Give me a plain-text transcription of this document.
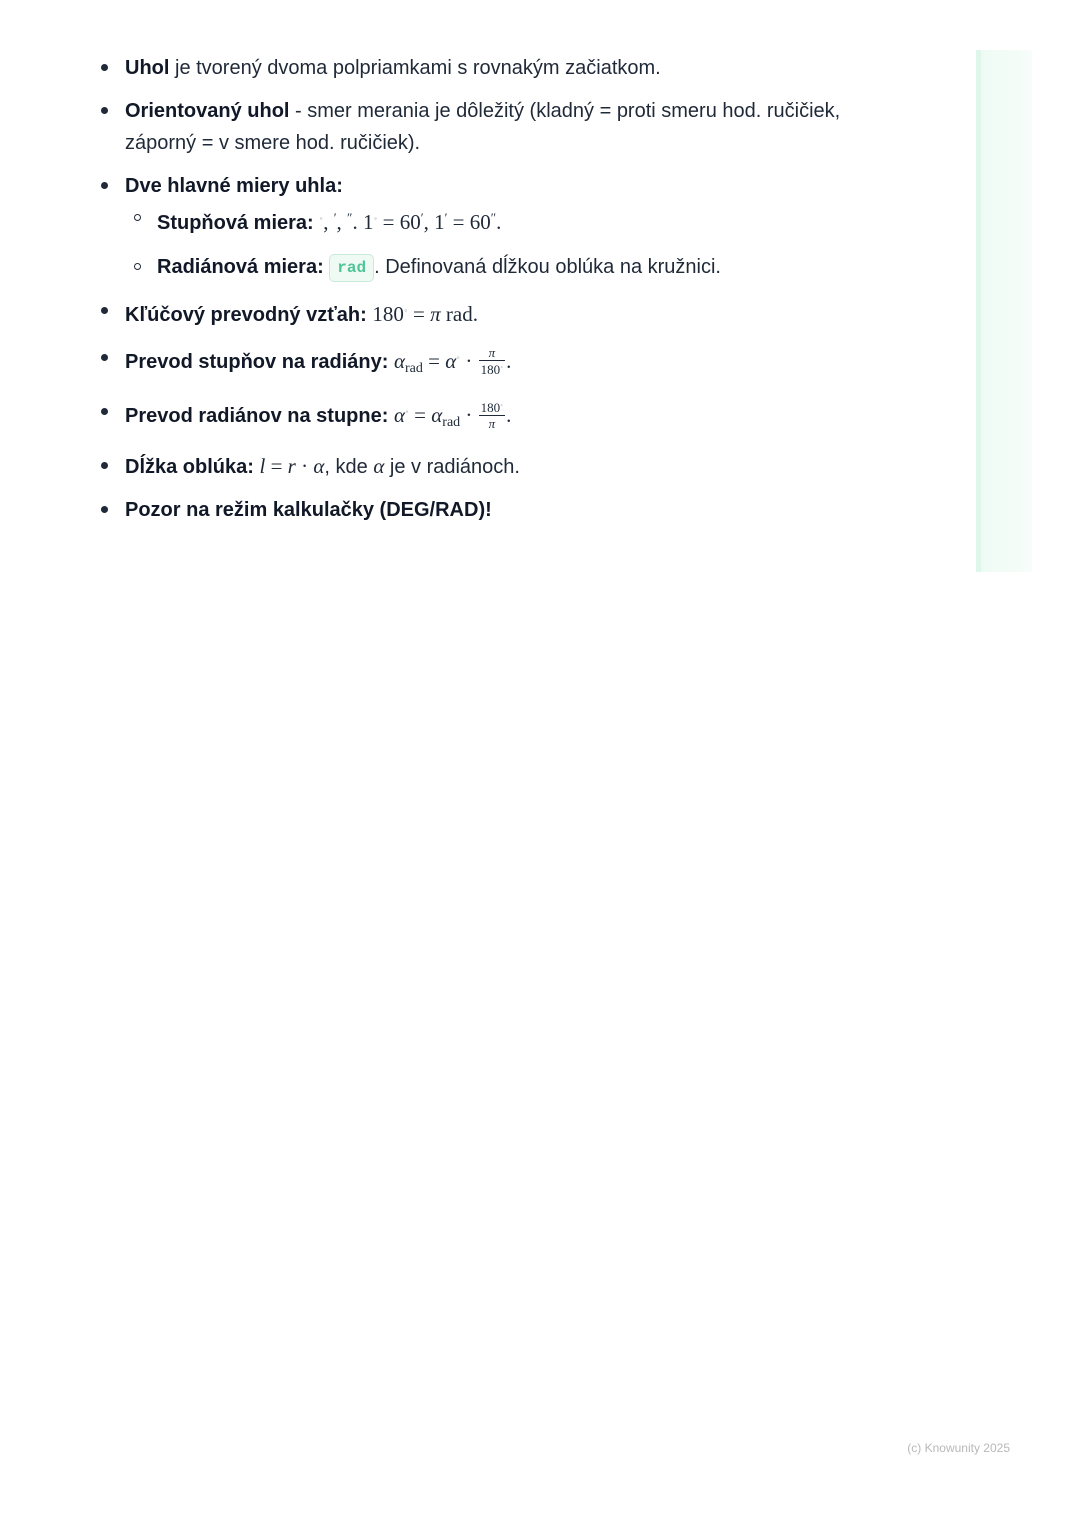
Uhol je tvorený dvoma polpriamkami s rovnakým začiatkom.
Orientovaný uhol - smer merania je dôležitý (kladný = proti smeru hod. ručičiek, záporný = v smere hod. ručičiek).
Dve hlavné miery uhla:
Stupňová miera: ∘, ′, ″. 1∘ = 60′, 1′ = 60″.
Radiánová miera: rad . Definovaná dĺžkou oblúka na kružnici.
Kľúčový prevodný vzťah: 180∘ = π rad.
Prevod stupňov na radiány: $\alpha rad = \alpha^\circ \cdot \frac{\pi}{180^\circ}$ .
Prevod radiánov na stupne: $\alpha^\circ = \alpha rad \cdot \frac{180^\circ}{\pi}$ .
Dĺžka oblúka: l = r · α, kde α je v radiánoch.
Pozor na režim kalkulačky (DEG/RAD)!
(c) Knowunity 2025
